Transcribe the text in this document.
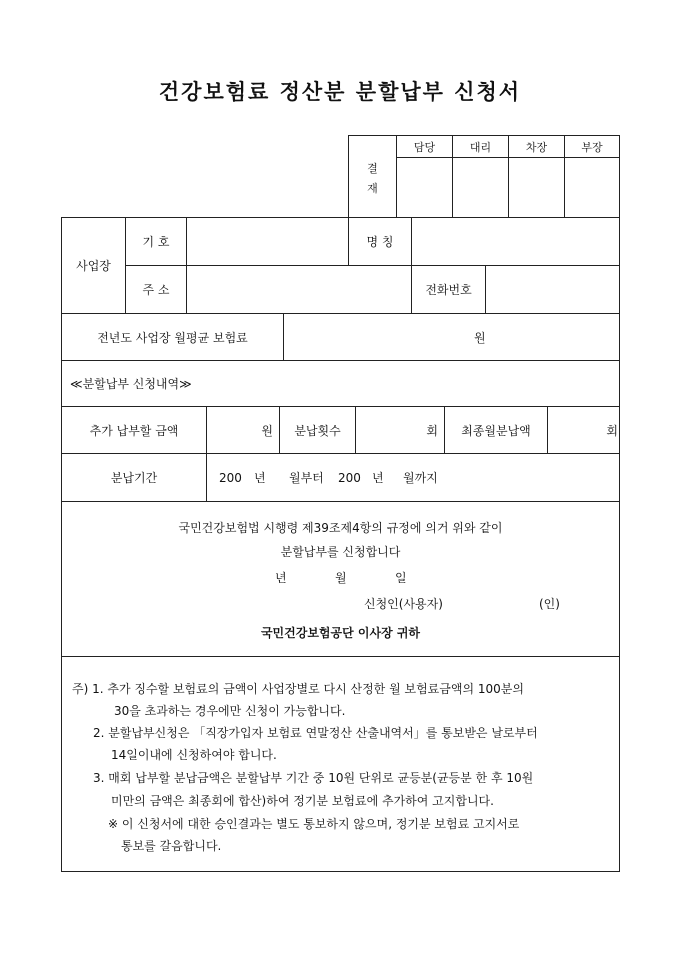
건강보험료 정산분 분할납부 신청서
결
재
담당	대리	차장	부장
사업장
기 호	명 칭
주 소	전화번호
전년도 사업장 월평균 보험료	원
≪분할납부 신청내역≫
추가 납부할 금액	원	분납횟수	회	최종월분납액	회
분납기간	200 년 월부터 200 년 월까지
국민건강보험법 시행령 제39조제4항의 규정에 의거 위와 같이
분할납부를 신청합니다
년	월	일
신청인(사용자)	(인)
국민건강보험공단 이사장 귀하
주) 1. 추가 징수할 보험료의 금액이 사업장별로 다시 산정한 월 보험료금액의 100분의
30을 초과하는 경우에만 신청이 가능합니다.
2. 분할납부신청은 「직장가입자 보험료 연말정산 산출내역서」를 통보받은 날로부터
14일이내에 신청하여야 합니다.
3. 매회 납부할 분납금액은 분할납부 기간 중 10원 단위로 균등분(균등분 한 후 10원
미만의 금액은 최종회에 합산)하여 정기분 보험료에 추가하여 고지합니다.
※ 이 신청서에 대한 승인결과는 별도 통보하지 않으며, 정기분 보험료 고지서로
통보를 갈음합니다.
